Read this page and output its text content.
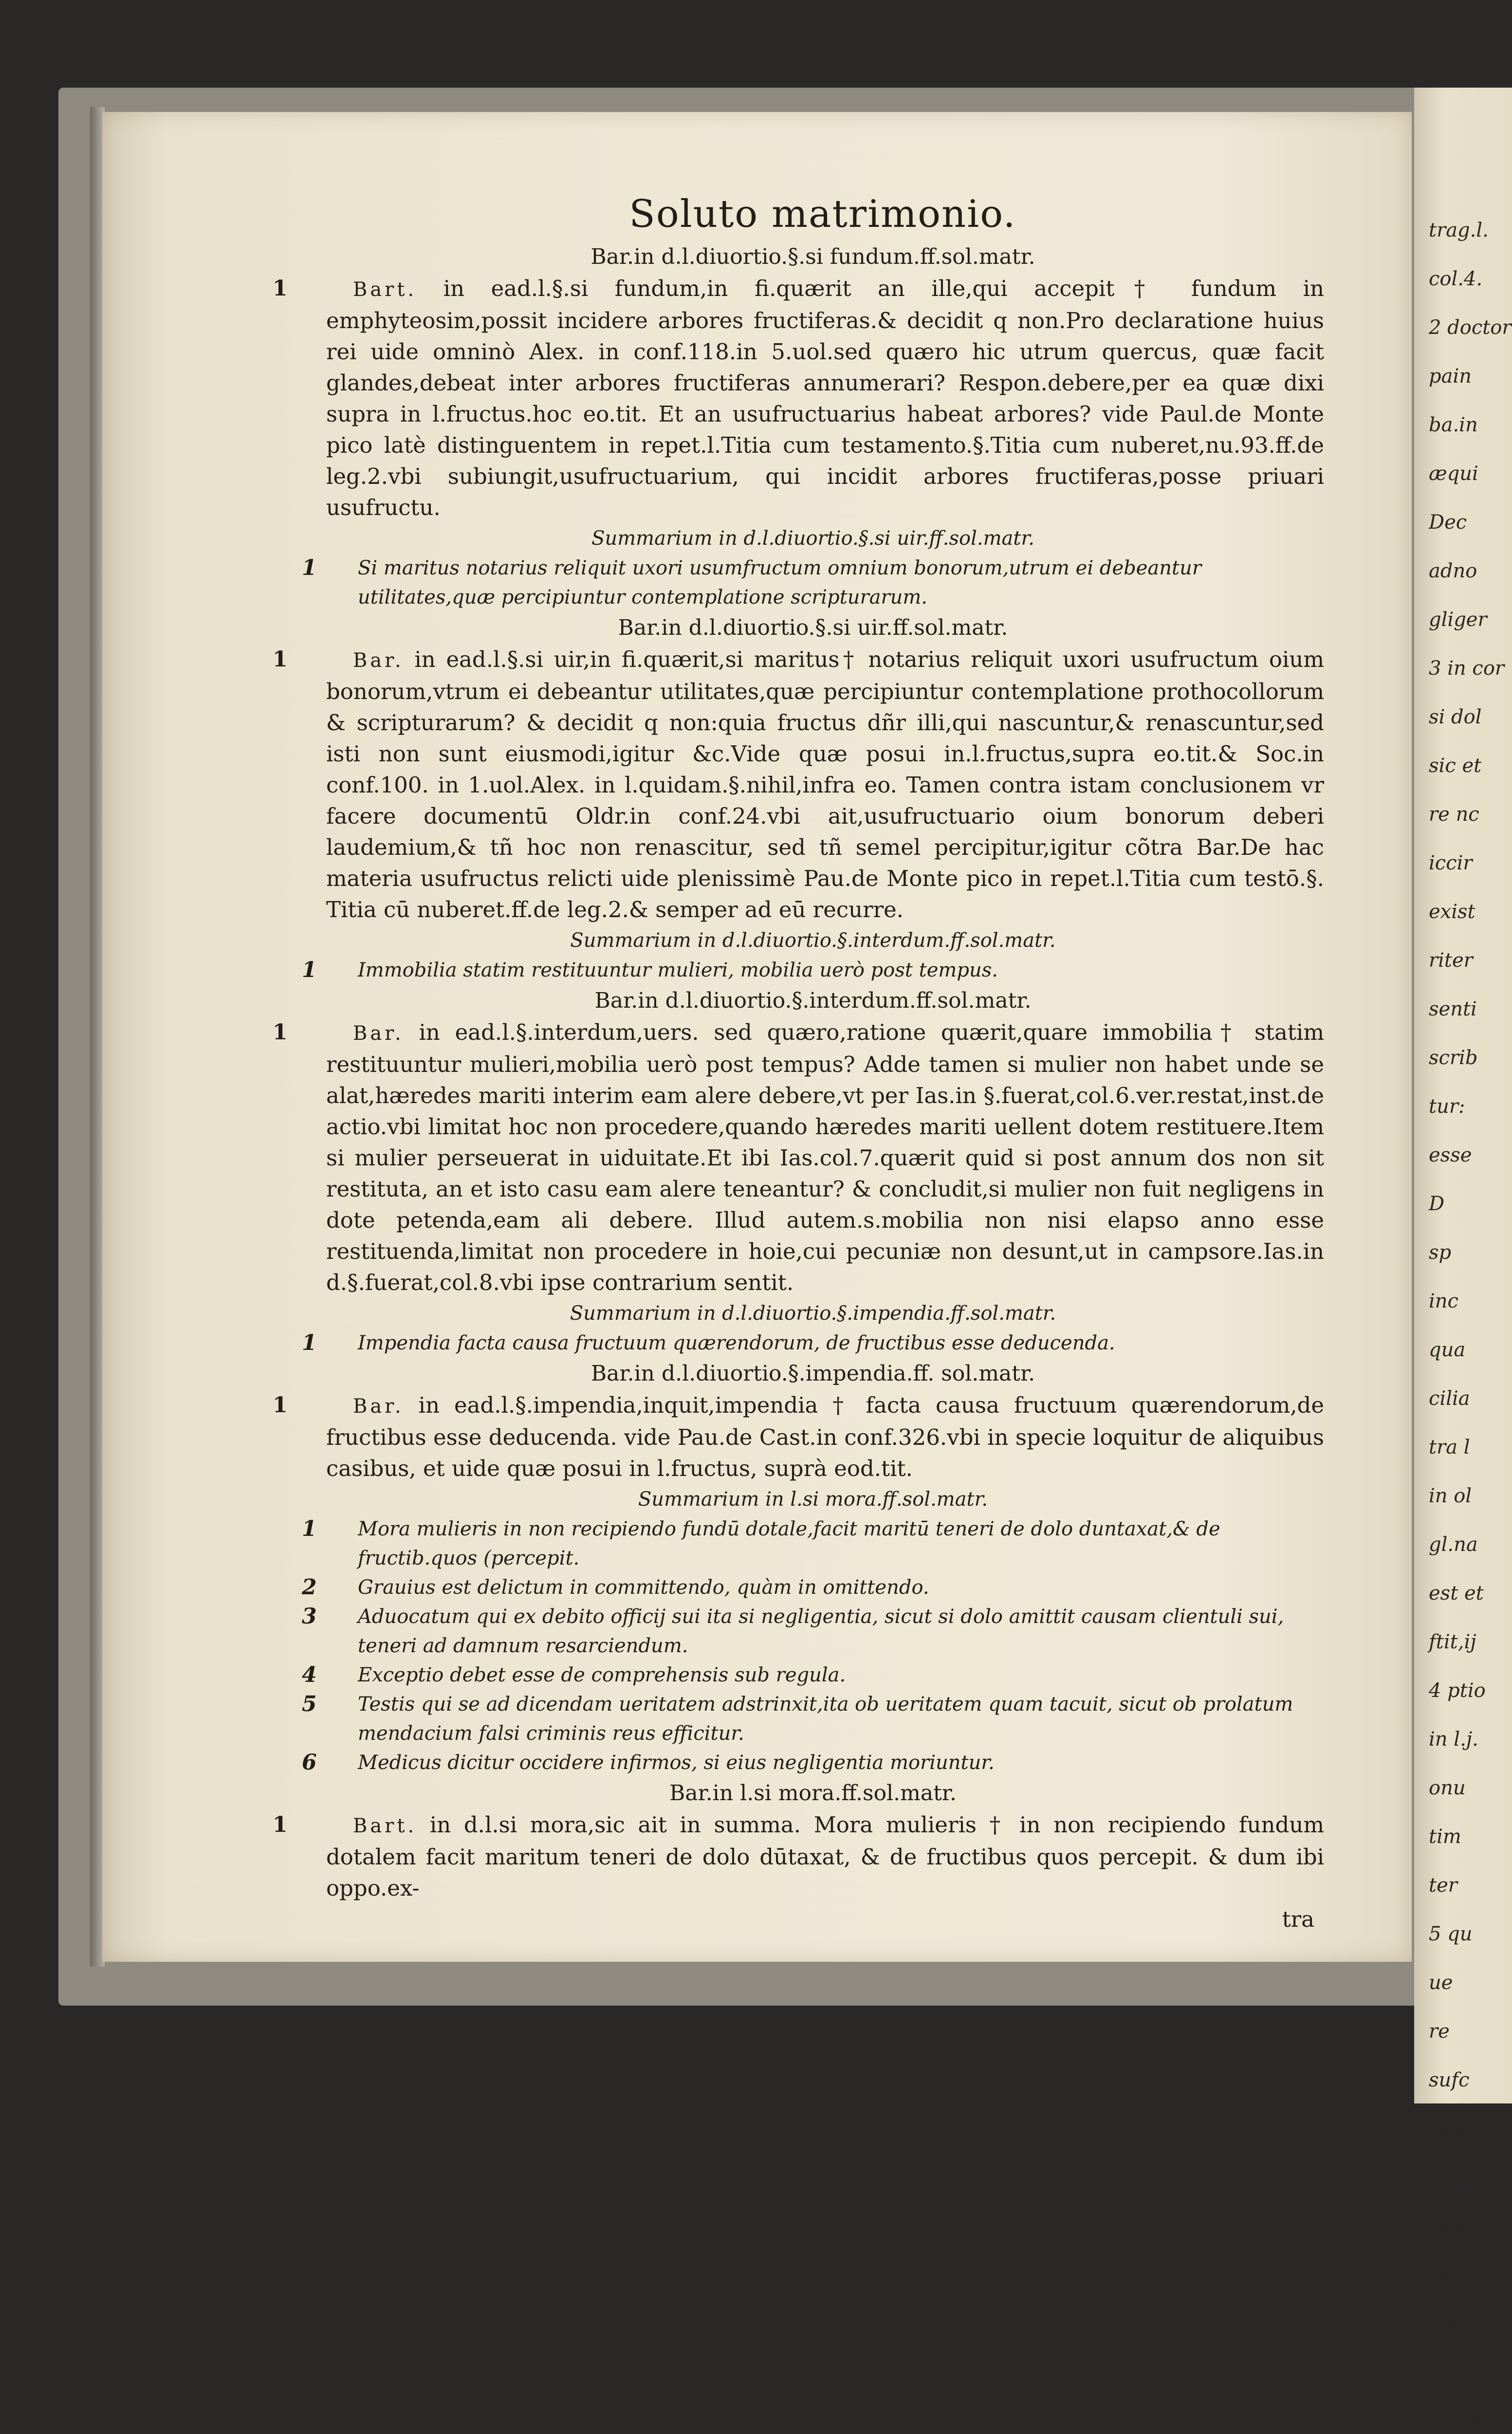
trag.l.
col.4.
2 doctor
pain
ba.in
æqui
Dec
adno
gliger
3 in cor
si dol
sic et
re nc
iccir
exist
riter
senti
scrib
tur:
esse
D
sp
inc
qua
cilia
tra l
in ol
gl.na
est et
ftit,ij
4 ptio
in l.j.
onu
tim
ter
5 qu
ue
re
sufc
in p
6 tex.c
riunt
ueri.
sunt c
hac.l.
to ann
Soluto matrimonio.
Bar.in d.l.diuortio.§.si fundum.ff.sol.matr.
1	Bart. in ead.l.§.si fundum,in fi.quærit an ille,qui accepit† fundum in emphyteosim,possit incidere arbores fructiferas.& decidit q non.Pro declaratione huius rei uide omninò Alex. in conf.118.in 5.uol.sed quæro hic utrum quercus, quæ facit glandes,debeat inter arbores fructiferas annumerari? Respon.debere,per ea quæ dixi supra in l.fructus.hoc eo.tit. Et an usufructuarius habeat arbores? vide Paul.de Monte pico latè distinguentem in repet.l.Titia cum testamento.§.Titia cum nuberet,nu.93.ff.de leg.2.vbi subiungit,usufructuarium, qui incidit arbores fructiferas,posse priuari usufructu.
Summarium in d.l.diuortio.§.si uir.ff.sol.matr.
1 Si maritus notarius reliquit uxori usumfructum omnium bonorum,utrum ei debeantur utilitates,quæ percipiuntur contemplatione scripturarum.
Bar.in d.l.diuortio.§.si uir.ff.sol.matr.
1	Bar. in ead.l.§.si uir,in fi.quærit,si maritus† notarius reliquit uxori usufructum oium bonorum,vtrum ei debeantur utilitates,quæ percipiuntur contemplatione prothocollorum & scripturarum? & decidit q non:quia fructus dñr illi,qui nascuntur,& renascuntur,sed isti non sunt eiusmodi,igitur &c.Vide quæ posui in.l.fructus,supra eo.tit.& Soc.in conf.100. in 1.uol.Alex. in l.quidam.§.nihil,infra eo. Tamen contra istam conclusionem vr facere documentū Oldr.in conf.24.vbi ait,usufructuario oium bonorum deberi laudemium,& tñ hoc non renascitur, sed tñ semel percipitur,igitur cõtra Bar.De hac materia usufructus relicti uide plenissimè Pau.de Monte pico in repet.l.Titia cum testō.§. Titia cū nuberet.ff.de leg.2.& semper ad eū recurre.
Summarium in d.l.diuortio.§.interdum.ff.sol.matr.
1 Immobilia statim restituuntur mulieri, mobilia uerò post tempus.
Bar.in d.l.diuortio.§.interdum.ff.sol.matr.
1	Bar. in ead.l.§.interdum,uers. sed quæro,ratione quærit,quare immobilia† statim restituuntur mulieri,mobilia uerò post tempus? Adde tamen si mulier non habet unde se alat,hæredes mariti interim eam alere debere,vt per Ias.in §.fuerat,col.6.ver.restat,inst.de actio.vbi limitat hoc non procedere,quando hæredes mariti uellent dotem restituere.Item si mulier perseuerat in uiduitate.Et ibi Ias.col.7.quærit quid si post annum dos non sit restituta, an et isto casu eam alere teneantur? & concludit,si mulier non fuit negligens in dote petenda,eam ali debere. Illud autem.s.mobilia non nisi elapso anno esse restituenda,limitat non procedere in hoie,cui pecuniæ non desunt,ut in campsore.Ias.in d.§.fuerat,col.8.vbi ipse contrarium sentit.
Summarium in d.l.diuortio.§.impendia.ff.sol.matr.
1 Impendia facta causa fructuum quærendorum, de fructibus esse deducenda.
Bar.in d.l.diuortio.§.impendia.ff. sol.matr.
1	Bar. in ead.l.§.impendia,inquit,impendia † facta causa fructuum quærendorum,de fructibus esse deducenda. vide Pau.de Cast.in conf.326.vbi in specie loquitur de aliquibus casibus, et uide quæ posui in l.fructus, suprà eod.tit.
Summarium in l.si mora.ff.sol.matr.
1 Mora mulieris in non recipiendo fundū dotale,facit maritū teneri de dolo duntaxat,& de fructib.quos (percepit.
2 Grauius est delictum in committendo, quàm in omittendo.
3 Aduocatum qui ex debito officij sui ita si negligentia, sicut si dolo amittit causam clientuli sui, teneri ad damnum resarciendum.
4 Exceptio debet esse de comprehensis sub regula.
5 Testis qui se ad dicendam ueritatem adstrinxit,ita ob ueritatem quam tacuit, sicut ob prolatum mendacium falsi criminis reus efficitur.
6 Medicus dicitur occidere infirmos, si eius negligentia moriuntur.
Bar.in l.si mora.ff.sol.matr.
1	Bart. in d.l.si mora,sic ait in summa. Mora mulieris † in non recipiendo fundum dotalem facit maritum teneri de dolo dūtaxat, & de fructibus quos percepit. & dum ibi oppo.ex-
tra
